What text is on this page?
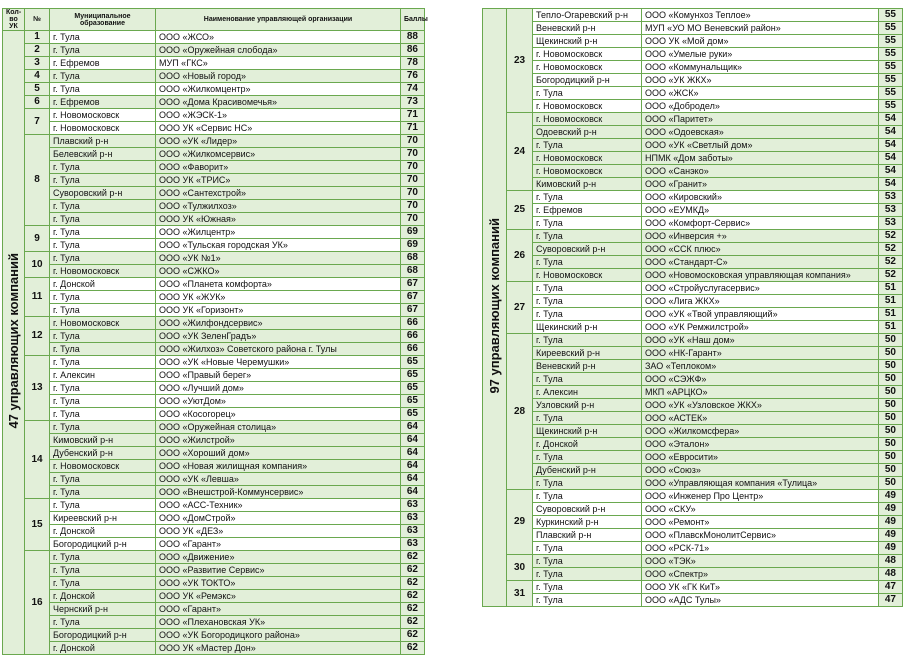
Кол-во УК	№	Муниципальное образование	Наименование управляющей организации	Баллы
47 управляющих компаний	1	г. Тула	ООО «ЖСО»	88
	2	г. Тула	ООО «Оружейная слобода»	86
	3	г. Ефремов	МУП «ГКС»	78
	4	г. Тула	ООО «Новый город»	76
	5	г. Тула	ООО «Жилкомцентр»	74
	6	г. Ефремов	ООО «Дома Красивомечья»	73
	7	г. Новомосковск	ООО «ЖЭСК-1»	71
		г. Новомосковск	ООО УК «Сервис НС»	71
	8	Плавский р-н	ООО «УК «Лидер»	70
		Белевский р-н	ООО «Жилкомсервис»	70
		г. Тула	ООО «Фаворит»	70
		г. Тула	ООО УК «ТРИС»	70
		Суворовский р-н	ООО «Сантехстрой»	70
		г. Тула	ООО «Тулжилхоз»	70
		г. Тула	ООО УК «Южная»	70
	9	г. Тула	ООО «Жилцентр»	69
		г. Тула	ООО «Тульская городская УК»	69
	10	г. Тула	ООО «УК №1»	68
		г. Новомосковск	ООО «СЖКО»	68
	11	г. Донской	ООО «Планета комфорта»	67
		г. Тула	ООО УК «ЖУК»	67
		г. Тула	ООО УК «Горизонт»	67
	12	г. Новомосковск	ООО «Жилфондсервис»	66
		г. Тула	ООО «УК ЗеленГрадъ»	66
		г. Тула	ООО «Жилхоз» Советского района г. Тулы	66
	13	г. Тула	ООО «УК «Новые Черемушки»	65
		г. Алексин	ООО «Правый берег»	65
		г. Тула	ООО «Лучший дом»	65
		г. Тула	ООО «УютДом»	65
		г. Тула	ООО «Косогорец»	65
	14	г. Тула	ООО «Оружейная столица»	64
		Кимовский р-н	ООО «Жилстрой»	64
		Дубенский р-н	ООО «Хороший дом»	64
		г. Новомосковск	ООО «Новая жилищная компания»	64
		г. Тула	ООО «УК «Левша»	64
		г. Тула	ООО «Внешстрой-Коммунсервис»	64
	15	г. Тула	ООО «АСС-Техник»	63
		Киреевский р-н	ООО «ДомСтрой»	63
		г. Донской	ООО УК «ДЕЗ»	63
		Богородицкий р-н	ООО «Гарант»	63
	16	г. Тула	ООО «Движение»	62
		г. Тула	ООО «Развитие Сервис»	62
		г. Тула	ООО «УК ТОКТО»	62
		г. Донской	ООО УК «Ремэкс»	62
		Чернский р-н	ООО «Гарант»	62
		г. Тула	ООО «Плехановская УК»	62
		Богородицкий р-н	ООО «УК Богородицкого района»	62
		г. Донской	ООО УК «Мастер Дон»	62
97 управляющих компаний	23	Тепло-Огаревский р-н	ООО «Комунхоз Теплое»	55
		Веневский р-н	МУП «УО МО Веневский район»	55
		Щекинский р-н	ООО УК «Мой дом»	55
		г. Новомосковск	ООО «Умелые руки»	55
		г. Новомосковск	ООО «Коммунальщик»	55
		Богородицкий р-н	ООО «УК ЖКХ»	55
		г. Тула	ООО «ЖСК»	55
		г. Новомосковск	ООО «Добродел»	55
	24	г. Новомосковск	ООО «Паритет»	54
		Одоевский р-н	ООО «Одоевская»	54
		г. Тула	ООО «УК «Светлый дом»	54
		г. Новомосковск	НПМК «Дом заботы»	54
		г. Новомосковск	ООО «Санэко»	54
		Кимовский р-н	ООО «Гранит»	54
	25	г. Тула	ООО «Кировский»	53
		г. Ефремов	ООО «ЕУМКД»	53
		г. Тула	ООО «Комфорт-Сервис»	53
	26	г. Тула	ООО «Инверсия +»	52
		Суворовский р-н	ООО «ССК плюс»	52
		г. Тула	ООО «Стандарт-С»	52
		г. Новомосковск	ООО «Новомосковская управляющая компания»	52
	27	г. Тула	ООО «Стройуслугасервис»	51
		г. Тула	ООО «Лига ЖКХ»	51
		г. Тула	ООО «УК «Твой управляющий»	51
		Щекинский р-н	ООО «УК Ремжилстрой»	51
	28	г. Тула	ООО «УК «Наш дом»	50
		Киреевский р-н	ООО «НК-Гарант»	50
		Веневский р-н	ЗАО «Теплоком»	50
		г. Тула	ООО «СЭЖФ»	50
		г. Алексин	МКП «АРЦКО»	50
		Узловский р-н	ООО «УК «Узловское ЖКХ»	50
		г. Тула	ООО «АСТЕК»	50
		Щекинский р-н	ООО «Жилкомсфера»	50
		г. Донской	ООО «Эталон»	50
		г. Тула	ООО «Евросити»	50
		Дубенский р-н	ООО «Союз»	50
		г. Тула	ООО «Управляющая компания «Тулица»	50
	29	г. Тула	ООО «Инженер Про Центр»	49
		Суворовский р-н	ООО «СКУ»	49
		Куркинский р-н	ООО «Ремонт»	49
		Плавский р-н	ООО «ПлавскМонолитСервис»	49
		г. Тула	ООО «РСК-71»	49
	30	г. Тула	ООО «ТЭК»	48
		г. Тула	ООО «Спектр»	48
	31	г. Тула	ООО УК «ГК КиТ»	47
		г. Тула	ООО «АДС Тулы»	47
